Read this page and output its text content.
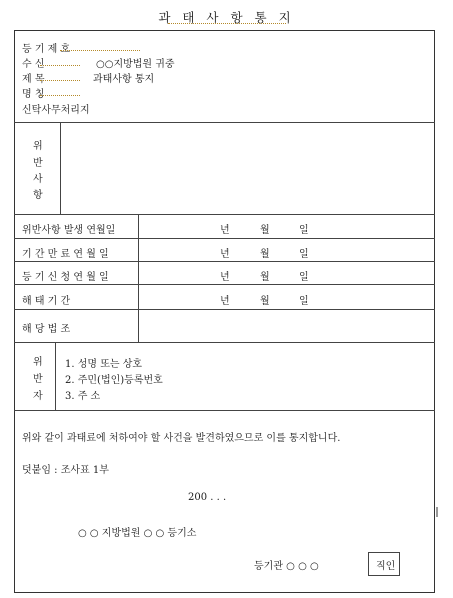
과 태 사 항 통 지
등 기 제 호
수 신	○○지방법원 귀중
제 목	과태사항 통지
명 칭
신탁사무처리지
위
반
사
항
위반사항 발생 연월일	년	월	일
기 간 만 료 연 월 일	년	월	일
등 기 신 청 연 월 일	년	월	일
해 태 기 간	년	월	일
해 당 법 조
위
반
자
1. 성명 또는 상호
2. 주민(법인)등록번호
3. 주 소
위와 같이 과태료에 처하여야 할 사건을 발견하였으므로 이를 통지합니다.
덧붙임 : 조사표 1부
200 . . .
○ ○ 지방법원 ○ ○ 등기소
등기관 ○ ○ ○	직인
